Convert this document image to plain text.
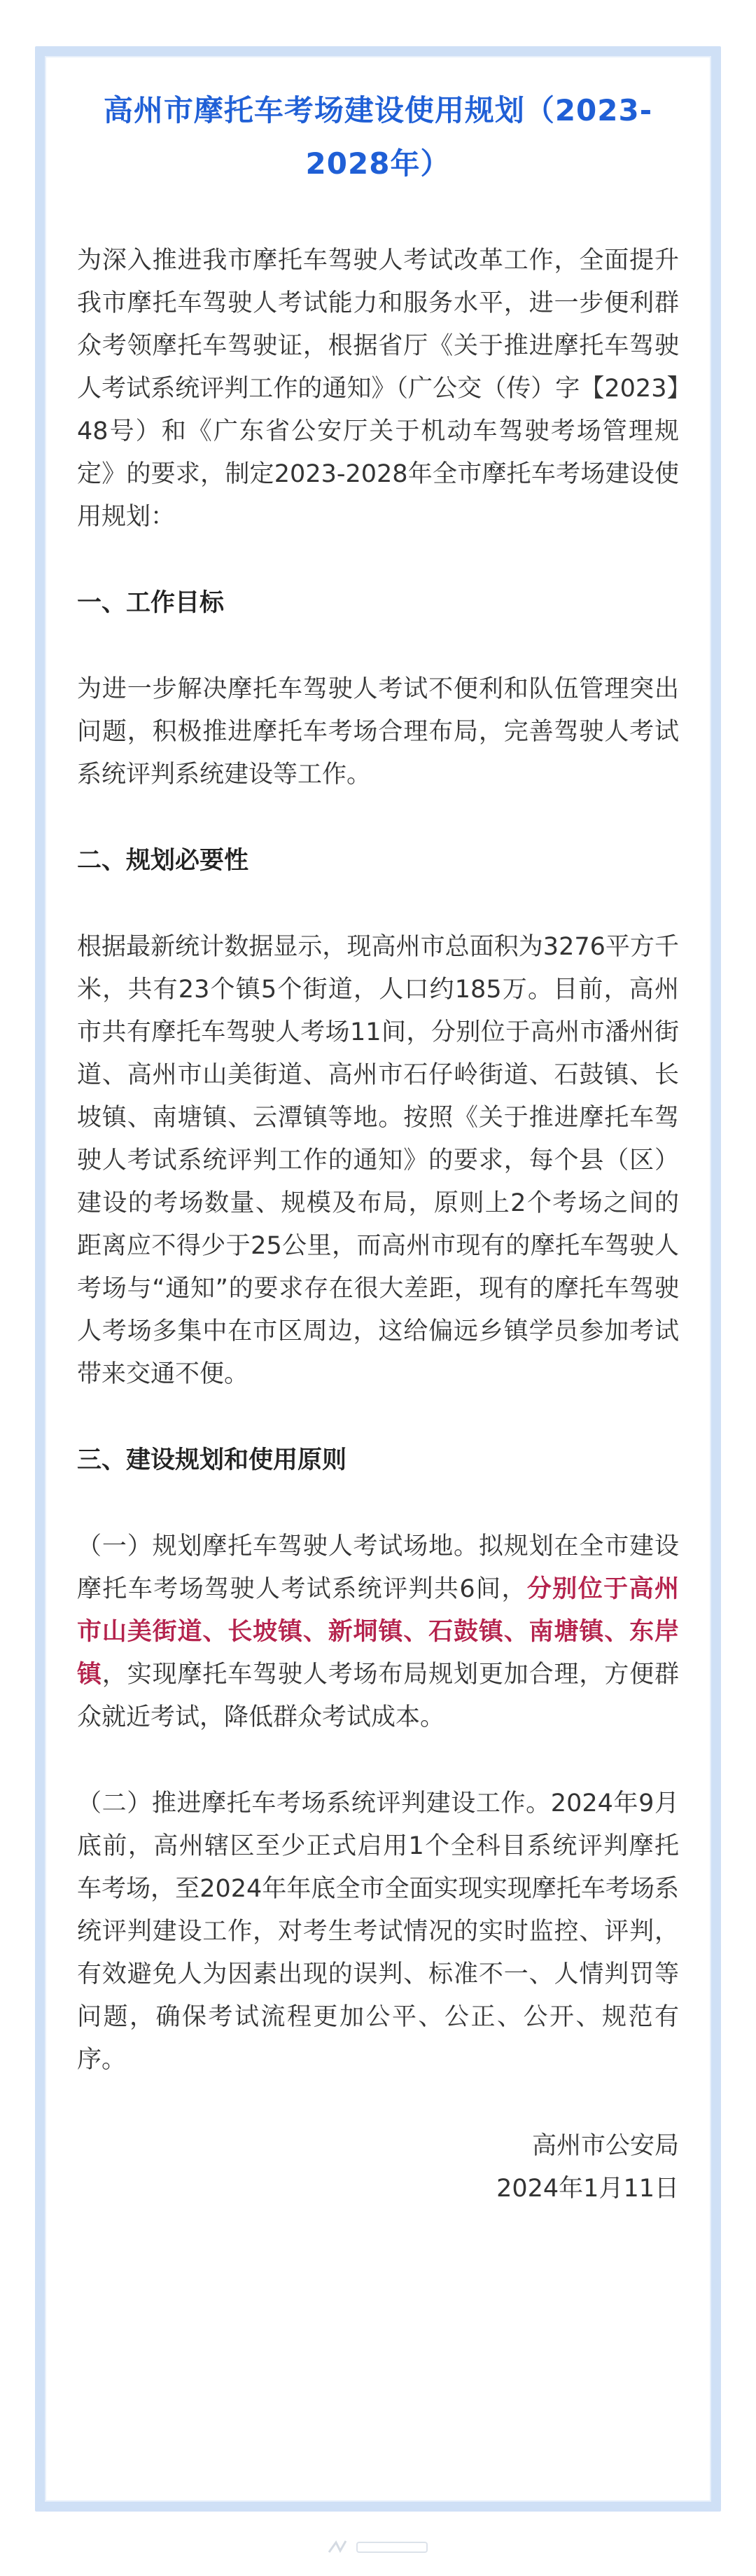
高州市摩托车考场建设使用规划（2023-2028年）

为深入推进我市摩托车驾驶人考试改革工作，全面提升我市摩托车驾驶人考试能力和服务水平，进一步便利群众考领摩托车驾驶证，根据省厅《关于推进摩托车驾驶人考试系统评判工作的通知》（广公交（传）字【2023】48号）和《广东省公安厅关于机动车驾驶考场管理规定》的要求，制定2023-2028年全市摩托车考场建设使用规划：

一、工作目标

为进一步解决摩托车驾驶人考试不便利和队伍管理突出问题，积极推进摩托车考场合理布局，完善驾驶人考试系统评判系统建设等工作。

二、规划必要性

根据最新统计数据显示，现高州市总面积为3276平方千米，共有23个镇5个街道，人口约185万。目前，高州市共有摩托车驾驶人考场11间，分别位于高州市潘州街道、高州市山美街道、高州市石仔岭街道、石鼓镇、长坡镇、南塘镇、云潭镇等地。按照《关于推进摩托车驾驶人考试系统评判工作的通知》的要求，每个县（区）建设的考场数量、规模及布局，原则上2个考场之间的距离应不得少于25公里，而高州市现有的摩托车驾驶人考场与“通知”的要求存在很大差距，现有的摩托车驾驶人考场多集中在市区周边，这给偏远乡镇学员参加考试带来交通不便。

三、建设规划和使用原则

（一）规划摩托车驾驶人考试场地。拟规划在全市建设摩托车考场驾驶人考试系统评判共6间，分别位于高州市山美街道、长坡镇、新垌镇、石鼓镇、南塘镇、东岸镇，实现摩托车驾驶人考场布局规划更加合理，方便群众就近考试，降低群众考试成本。

（二）推进摩托车考场系统评判建设工作。2024年9月底前，高州辖区至少正式启用1个全科目系统评判摩托车考场，至2024年年底全市全面实现实现摩托车考场系统评判建设工作，对考生考试情况的实时监控、评判，有效避免人为因素出现的误判、标准不一、人情判罚等问题，确保考试流程更加公平、公正、公开、规范有序。

高州市公安局

2024年1月11日
